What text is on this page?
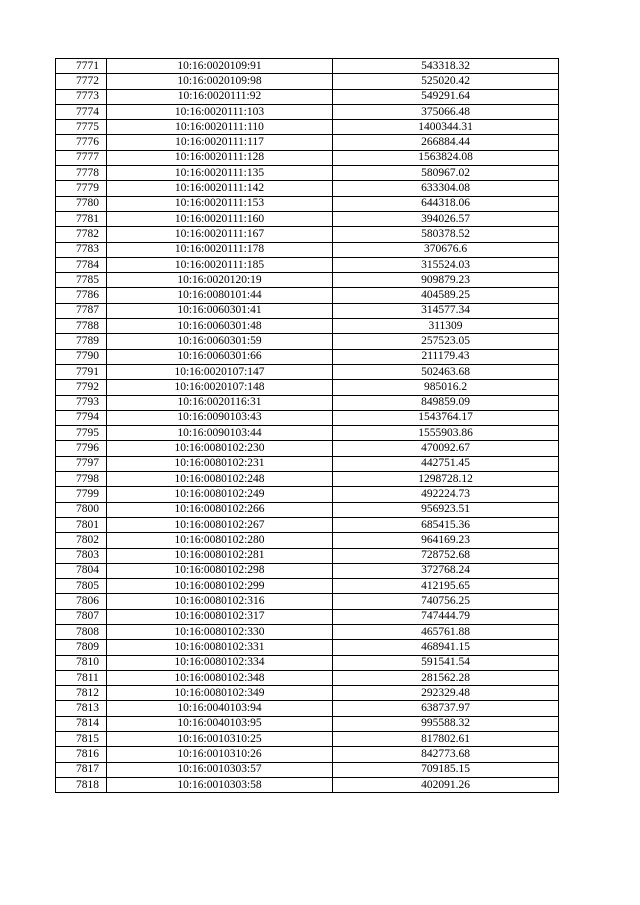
7771	10:16:0020109:91	543318.32
7772	10:16:0020109:98	525020.42
7773	10:16:0020111:92	549291.64
7774	10:16:0020111:103	375066.48
7775	10:16:0020111:110	1400344.31
7776	10:16:0020111:117	266884.44
7777	10:16:0020111:128	1563824.08
7778	10:16:0020111:135	580967.02
7779	10:16:0020111:142	633304.08
7780	10:16:0020111:153	644318.06
7781	10:16:0020111:160	394026.57
7782	10:16:0020111:167	580378.52
7783	10:16:0020111:178	370676.6
7784	10:16:0020111:185	315524.03
7785	10:16:0020120:19	909879.23
7786	10:16:0080101:44	404589.25
7787	10:16:0060301:41	314577.34
7788	10:16:0060301:48	311309
7789	10:16:0060301:59	257523.05
7790	10:16:0060301:66	211179.43
7791	10:16:0020107:147	502463.68
7792	10:16:0020107:148	985016.2
7793	10:16:0020116:31	849859.09
7794	10:16:0090103:43	1543764.17
7795	10:16:0090103:44	1555903.86
7796	10:16:0080102:230	470092.67
7797	10:16:0080102:231	442751.45
7798	10:16:0080102:248	1298728.12
7799	10:16:0080102:249	492224.73
7800	10:16:0080102:266	956923.51
7801	10:16:0080102:267	685415.36
7802	10:16:0080102:280	964169.23
7803	10:16:0080102:281	728752.68
7804	10:16:0080102:298	372768.24
7805	10:16:0080102:299	412195.65
7806	10:16:0080102:316	740756.25
7807	10:16:0080102:317	747444.79
7808	10:16:0080102:330	465761.88
7809	10:16:0080102:331	468941.15
7810	10:16:0080102:334	591541.54
7811	10:16:0080102:348	281562.28
7812	10:16:0080102:349	292329.48
7813	10:16:0040103:94	638737.97
7814	10:16:0040103:95	995588.32
7815	10:16:0010310:25	817802.61
7816	10:16:0010310:26	842773.68
7817	10:16:0010303:57	709185.15
7818	10:16:0010303:58	402091.26
